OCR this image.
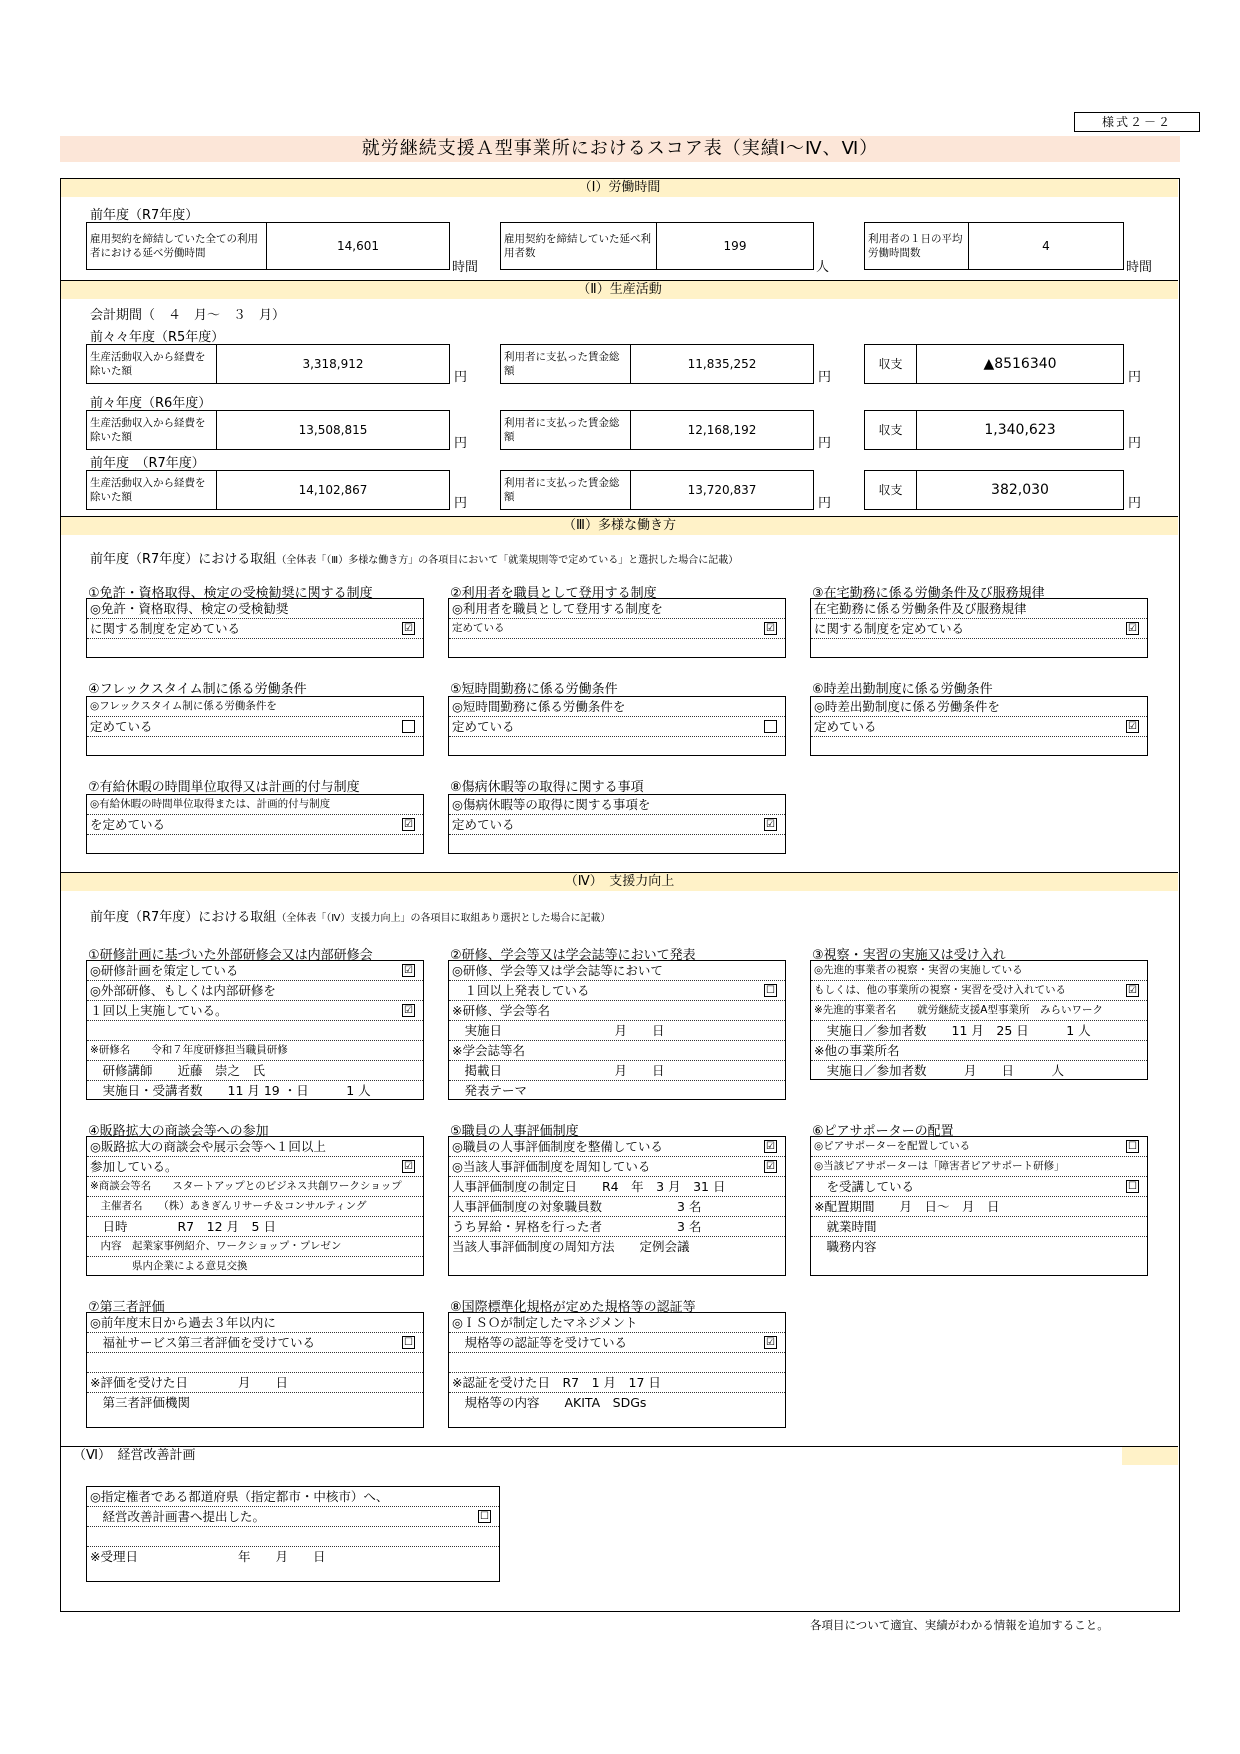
様式２－２
就労継続支援Ａ型事業所におけるスコア表（実績Ⅰ～Ⅳ、Ⅵ）
（Ⅰ）労働時間
前年度（R7年度）
雇用契約を締結していた全ての利用者における延べ労働時間	14,601
時間
雇用契約を締結していた延べ利用者数	199
人
利用者の１日の平均労働時間数	4
時間
（Ⅱ）生産活動
会計期間（　４　月～　３　月）
前々々年度（R5年度）
生産活動収入から経費を除いた額	3,318,912
円
利用者に支払った賃金総額	11,835,252
円
収支	▲8516340
円
前々年度（R6年度）
生産活動収入から経費を除いた額	13,508,815
円
利用者に支払った賃金総額	12,168,192
円
収支	1,340,623
円
前年度　（R7年度）
生産活動収入から経費を除いた額	14,102,867
円
利用者に支払った賃金総額	13,720,837
円
収支	382,030
円
（Ⅲ）多様な働き方
前年度（R7年度）における取組（全体表「（Ⅲ）多様な働き方」の各項目において「就業規則等で定めている」と選択した場合に記載）
①免許・資格取得、検定の受検勧奨に関する制度
◎免許・資格取得、検定の受検勧奨
に関する制度を定めている	☑
②利用者を職員として登用する制度
◎利用者を職員として登用する制度を
定めている	☑
③在宅勤務に係る労働条件及び服務規律
在宅勤務に係る労働条件及び服務規律
に関する制度を定めている	☑
④フレックスタイム制に係る労働条件
◎フレックスタイム制に係る労働条件を
定めている
⑤短時間勤務に係る労働条件
◎短時間勤務に係る労働条件を
定めている
⑥時差出勤制度に係る労働条件
◎時差出勤制度に係る労働条件を
定めている	☑
⑦有給休暇の時間単位取得又は計画的付与制度
◎有給休暇の時間単位取得または、計画的付与制度
を定めている	☑
⑧傷病休暇等の取得に関する事項
◎傷病休暇等の取得に関する事項を
定めている	☑
（Ⅳ）　支援力向上
前年度（R7年度）における取組（全体表「（Ⅳ）支援力向上」の各項目に取組あり選択とした場合に記載）
①研修計画に基づいた外部研修会又は内部研修会
◎研修計画を策定している	☑
◎外部研修、もしくは内部研修を
１回以上実施している。	☑
※研修名　　令和７年度研修担当職員研修
　研修講師　　近藤　崇之　氏
　実施日・受講者数　　11 月 19 ・日　　　1 人
②研修、学会等又は学会誌等において発表
◎研修、学会等又は学会誌等において
　１回以上発表している	☐
※研修、学会等名
　実施日　　　　　　　　　月　　日
※学会誌等名
　掲載日　　　　　　　　　月　　日
　発表テーマ
③視察・実習の実施又は受け入れ
◎先進的事業者の視察・実習の実施している
もしくは、他の事業所の視察・実習を受け入れている	☑
※先進的事業者名　　就労継続支援A型事業所　みらいワーク
　実施日／参加者数　　11 月　25 日　　　1 人
※他の事業所名
　実施日／参加者数　　　月　　日　　　人
④販路拡大の商談会等への参加
◎販路拡大の商談会や展示会等へ１回以上
参加している。	☑
※商談会等名　　スタートアップとのビジネス共創ワークショップ
　主催者名　　（株）あきぎんリサーチ＆コンサルティング
　日時　　　　R7　12 月　5 日
　内容　起業家事例紹介、ワークショップ・プレゼン
　　　　県内企業による意見交換
⑤職員の人事評価制度
◎職員の人事評価制度を整備している	☑
◎当該人事評価制度を周知している	☑
人事評価制度の制定日　　R4　年　3 月　31 日
人事評価制度の対象職員数　　　　　　3 名
うち昇給・昇格を行った者　　　　　　3 名
当該人事評価制度の周知方法　　定例会議
⑥ピアサポーターの配置
◎ピアサポーターを配置している	☐
◎当該ピアサポーターは「障害者ピアサポート研修」
　を受講している	☐
※配置期間　　月　日～　月　日
　就業時間
　職務内容
⑦第三者評価
◎前年度末日から過去３年以内に
　福祉サービス第三者評価を受けている	☐
※評価を受けた日　　　　月　　日
　第三者評価機関
⑧国際標準化規格が定めた規格等の認証等
◎ＩＳＯが制定したマネジメント
　規格等の認証等を受けている	☑
※認証を受けた日　R7　1 月　17 日
　規格等の内容　　AKITA　SDGs
（Ⅵ）　経営改善計画
◎指定権者である都道府県（指定都市・中核市）へ、
　経営改善計画書へ提出した。	☐
※受理日　　　　　　　　年　　月　　日
各項目について適宜、実績がわかる情報を追加すること。
